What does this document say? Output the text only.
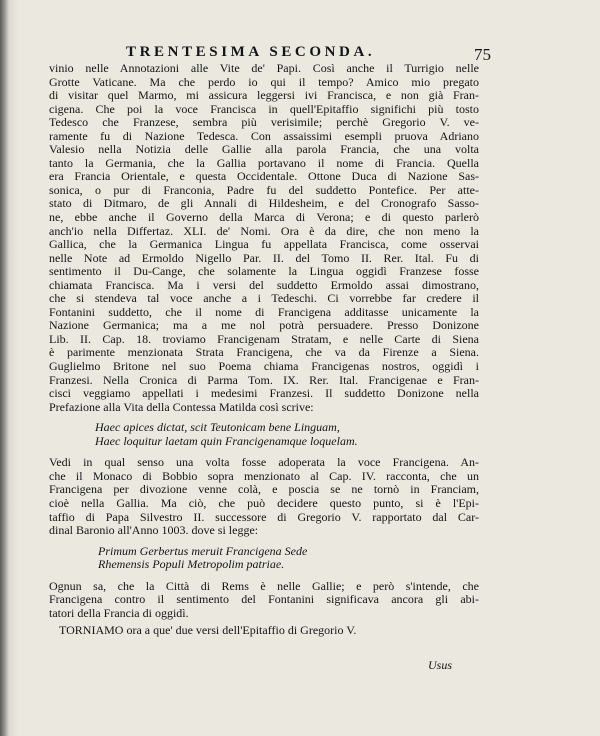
TRENTESIMA SECONDA.	75

vinio nelle Annotazioni alle Vite de' Papi. Così anche il Turrigio nelle
Grotte Vaticane. Ma che perdo io qui il tempo? Amico mio pregato
di visitar quel Marmo, mi assicura leggersi ivi Francisca, e non già Fran-
cigena. Che poi la voce Francisca in quell'Epitaffio significhi più tosto
Tedesco che Franzese, sembra più verisimile; perchè Gregorio V. ve-
ramente fu di Nazione Tedesca. Con assaissimi esempli pruova Adriano
Valesio nella Notizia delle Gallie alla parola Francia, che una volta
tanto la Germania, che la Gallia portavano il nome di Francia. Quella
era Francia Orientale, e questa Occidentale. Ottone Duca di Nazione Sas-
sonica, o pur di Franconia, Padre fu del suddetto Pontefice. Per atte-
stato di Ditmaro, de gli Annali di Hildesheim, e del Cronografo Sasso-
ne, ebbe anche il Governo della Marca di Verona; e di questo parlerò
anch'io nella Differtaz. XLI. de' Nomi. Ora è da dire, che non meno la
Gallica, che la Germanica Lingua fu appellata Francisca, come osservai
nelle Note ad Ermoldo Nigello Par. II. del Tomo II. Rer. Ital. Fu di
sentimento il Du-Cange, che solamente la Lingua oggidì Franzese fosse
chiamata Francisca. Ma i versi del suddetto Ermoldo assai dimostrano,
che si stendeva tal voce anche a i Tedeschi. Ci vorrebbe far credere il
Fontanini suddetto, che il nome di Francigena additasse unicamente la
Nazione Germanica; ma a me nol potrà persuadere. Presso Donizone
Lib. II. Cap. 18. troviamo Francigenam Stratam, e nelle Carte di Siena
è parimente menzionata Strata Francigena, che va da Firenze a Siena.
Guglielmo Britone nel suo Poema chiama Francigenas nostros, oggidì i
Franzesi. Nella Cronica di Parma Tom. IX. Rer. Ital. Francigenae e Fran-
cisci veggiamo appellati i medesimi Franzesi. Il suddetto Donizone nella
Prefazione alla Vita della Contessa Matilda così scrive:

Haec apices dictat, scit Teutonicam bene Linguam,
Haec loquitur laetam quin Francigenamque loquelam.

Vedi in qual senso una volta fosse adoperata la voce Francigena. An-
che il Monaco di Bobbio sopra menzionato al Cap. IV. racconta, che un
Francigena per divozione venne colà, e poscia se ne tornò in Franciam,
cioè nella Gallia. Ma ciò, che può decidere questo punto, si è l'Epi-
taffio di Papa Silvestro II. successore di Gregorio V. rapportato dal Car-
dinal Baronio all'Anno 1003. dove si legge:

Primum Gerbertus meruit Francigena Sede
Rhemensis Populi Metropolim patriae.

Ognun sa, che la Città di Rems è nelle Gallie; e però s'intende, che
Francigena contro il sentimento del Fontanini significava ancora gli abi-
tatori della Francia di oggidì.

TORNIAMO ora a que' due versi dell'Epitaffio di Gregorio V.

Usus
